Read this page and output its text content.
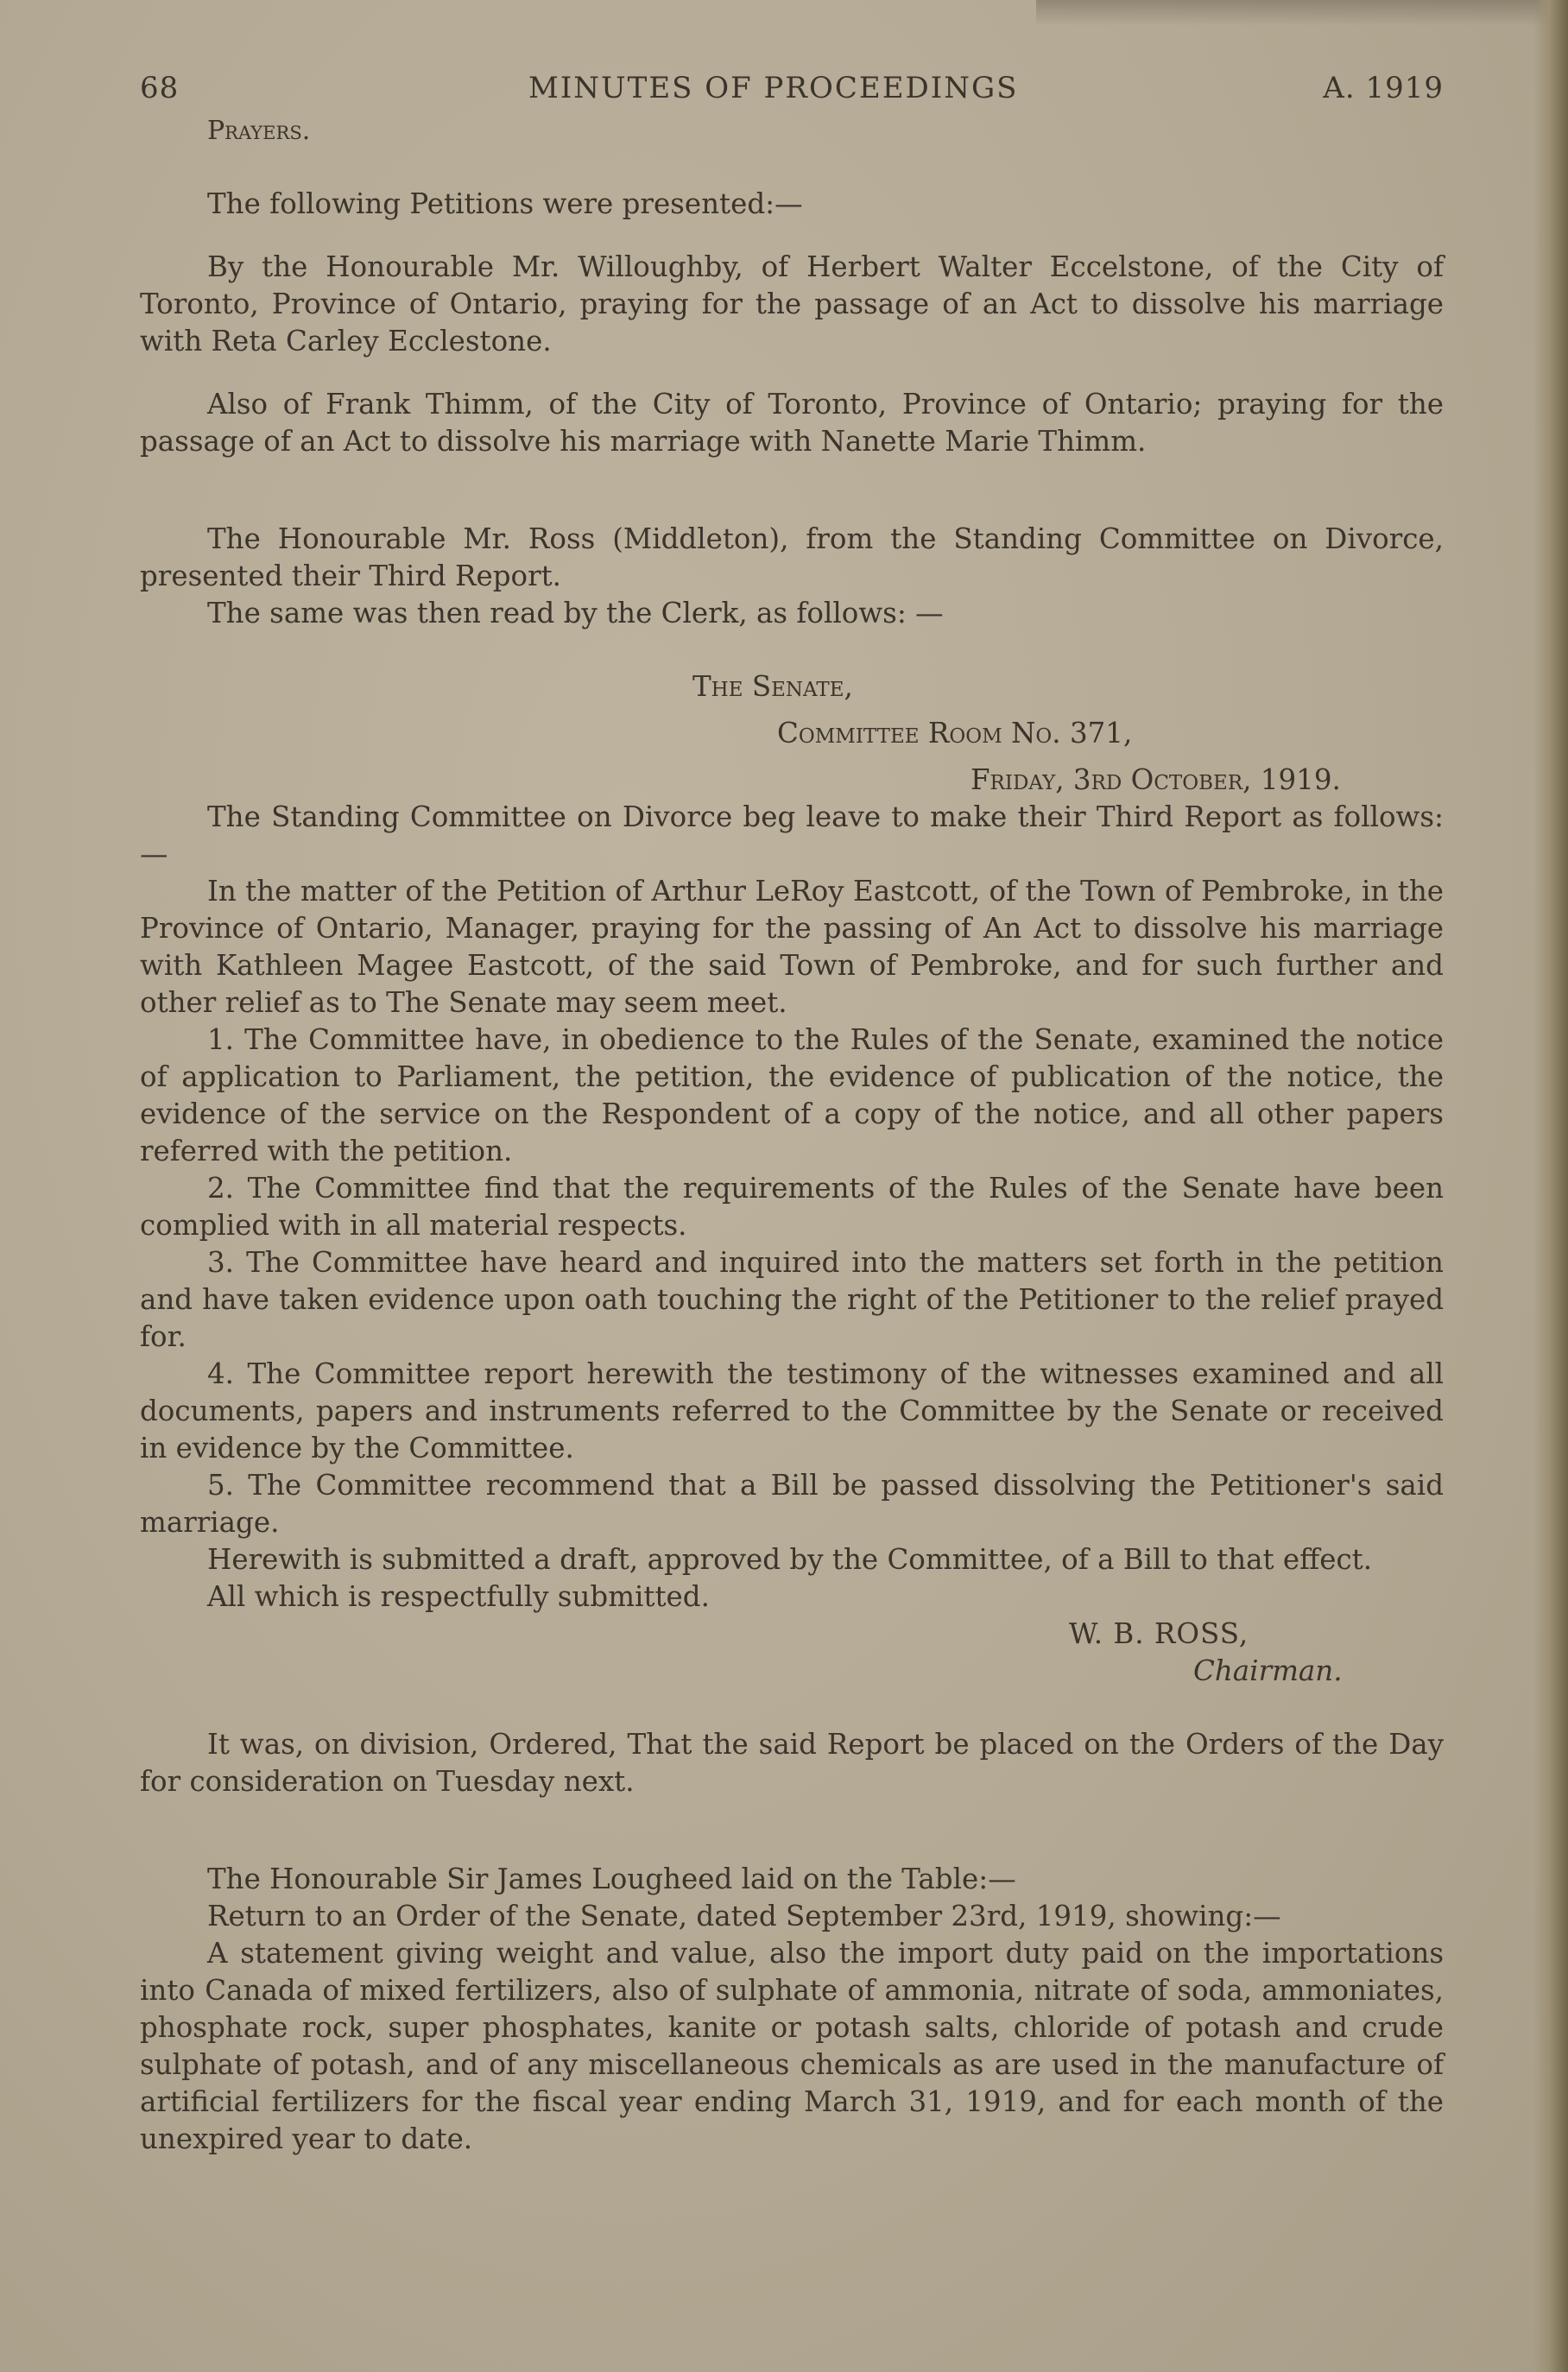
68	MINUTES OF PROCEEDINGS	A. 1919

Prayers.

The following Petitions were presented:—

By the Honourable Mr. Willoughby, of Herbert Walter Eccelstone, of the City of Toronto, Province of Ontario, praying for the passage of an Act to dissolve his marriage with Reta Carley Ecclestone.

Also of Frank Thimm, of the City of Toronto, Province of Ontario; praying for the passage of an Act to dissolve his marriage with Nanette Marie Thimm.

The Honourable Mr. Ross (Middleton), from the Standing Committee on Divorce, presented their Third Report.

The same was then read by the Clerk, as follows: —

The Senate,

Committee Room No. 371,

Friday, 3rd October, 1919.

The Standing Committee on Divorce beg leave to make their Third Report as follows:—

In the matter of the Petition of Arthur LeRoy Eastcott, of the Town of Pembroke, in the Province of Ontario, Manager, praying for the passing of An Act to dissolve his marriage with Kathleen Magee Eastcott, of the said Town of Pembroke, and for such further and other relief as to The Senate may seem meet.

1. The Committee have, in obedience to the Rules of the Senate, examined the notice of application to Parliament, the petition, the evidence of publication of the notice, the evidence of the service on the Respondent of a copy of the notice, and all other papers referred with the petition.

2. The Committee find that the requirements of the Rules of the Senate have been complied with in all material respects.

3. The Committee have heard and inquired into the matters set forth in the petition and have taken evidence upon oath touching the right of the Petitioner to the relief prayed for.

4. The Committee report herewith the testimony of the witnesses examined and all documents, papers and instruments referred to the Committee by the Senate or received in evidence by the Committee.

5. The Committee recommend that a Bill be passed dissolving the Petitioner's said marriage.

Herewith is submitted a draft, approved by the Committee, of a Bill to that effect.

All which is respectfully submitted.

W. B. ROSS,

Chairman.

It was, on division, Ordered, That the said Report be placed on the Orders of the Day for consideration on Tuesday next.

The Honourable Sir James Lougheed laid on the Table:—

Return to an Order of the Senate, dated September 23rd, 1919, showing:—

A statement giving weight and value, also the import duty paid on the importations into Canada of mixed fertilizers, also of sulphate of ammonia, nitrate of soda, ammoniates, phosphate rock, super phosphates, kanite or potash salts, chloride of potash and crude sulphate of potash, and of any miscellaneous chemicals as are used in the manufacture of artificial fertilizers for the fiscal year ending March 31, 1919, and for each month of the unexpired year to date.
